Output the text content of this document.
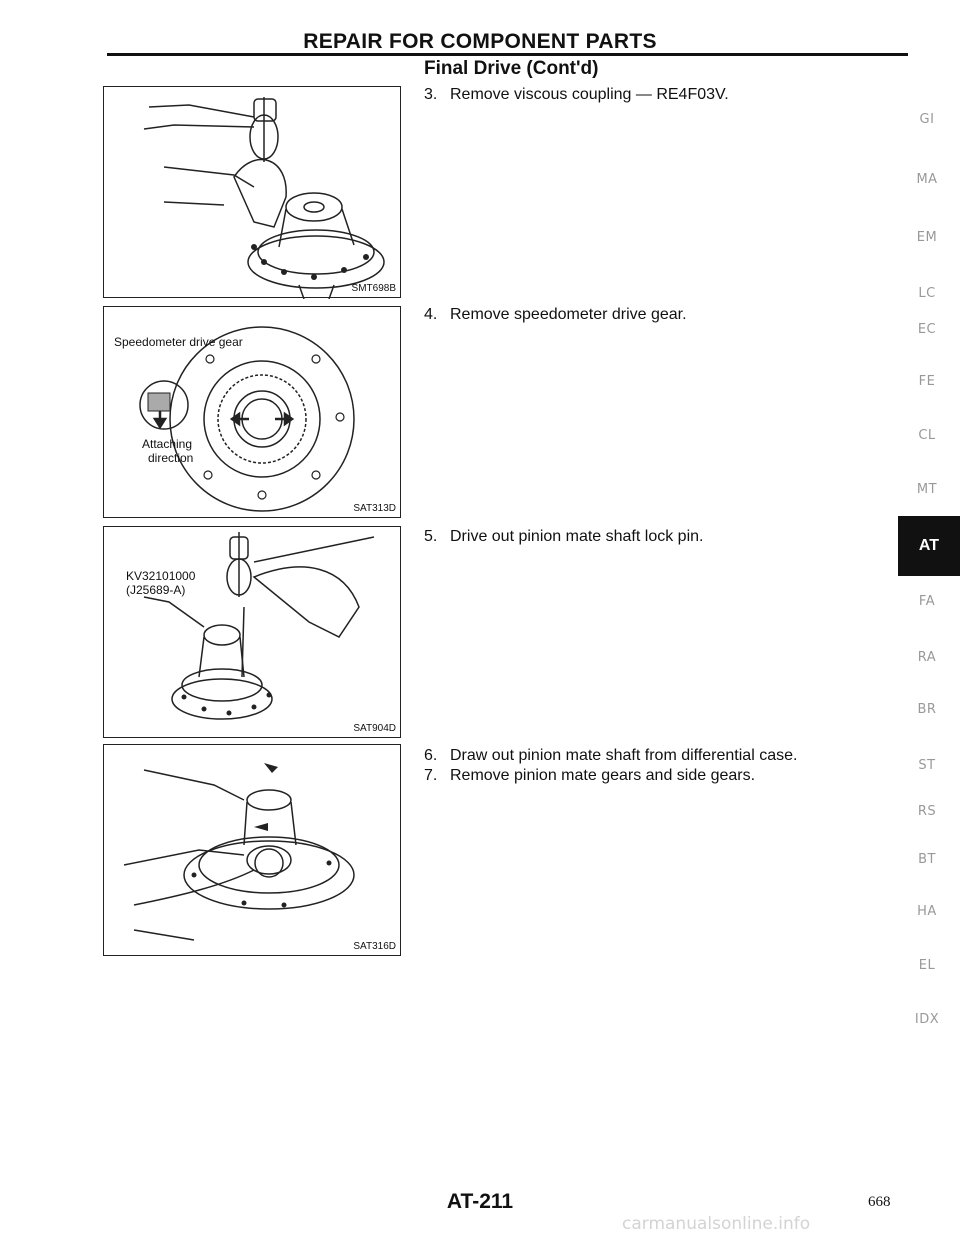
REPAIR FOR COMPONENT PARTS
Final Drive (Cont'd)
SMT698B
Speedometer drive gear
Attaching
direction
SAT313D
KV32101000
(J25689-A)
SAT904D
SAT316D
3. Remove viscous coupling — RE4F03V.
4. Remove speedometer drive gear.
5. Drive out pinion mate shaft lock pin.
6. Draw out pinion mate shaft from differential case.
7. Remove pinion mate gears and side gears.
GI
MA
EM
LC
EC
FE
CL
MT
FA
RA
BR
ST
RS
BT
HA
EL
IDX
AT
AT-211	668
carmanualsonline.info
